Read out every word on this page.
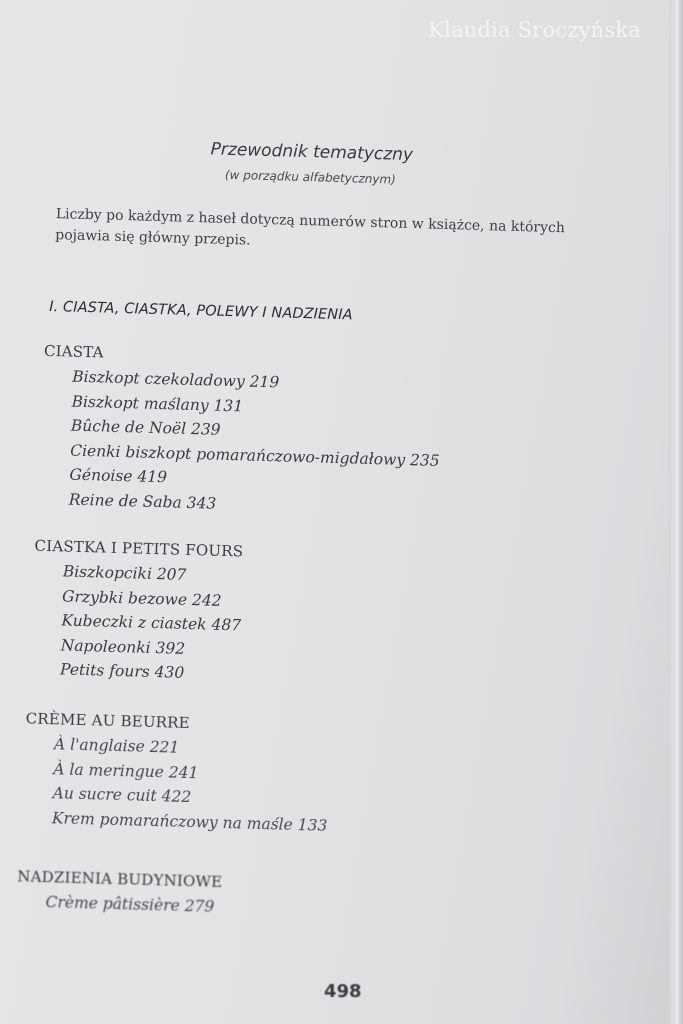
Klaudia Sroczyńska
Przewodnik tematyczny
(w porządku alfabetycznym)
Liczby po każdym z haseł dotyczą numerów stron w książce, na których pojawia się główny przepis.
I. CIASTA, CIASTKA, POLEWY I NADZIENIA
CIASTA
Biszkopt czekoladowy 219
Biszkopt maślany 131
Bûche de Noël 239
Cienki biszkopt pomarańczowo-migdałowy 235
Génoise 419
Reine de Saba 343
CIASTKA I PETITS FOURS
Biszkopciki 207
Grzybki bezowe 242
Kubeczki z ciastek 487
Napoleonki 392
Petits fours 430
CRÈME AU BEURRE
À l'anglaise 221
À la meringue 241
Au sucre cuit 422
Krem pomarańczowy na maśle 133
NADZIENIA BUDYNIOWE
Crème pâtissière 279
498
